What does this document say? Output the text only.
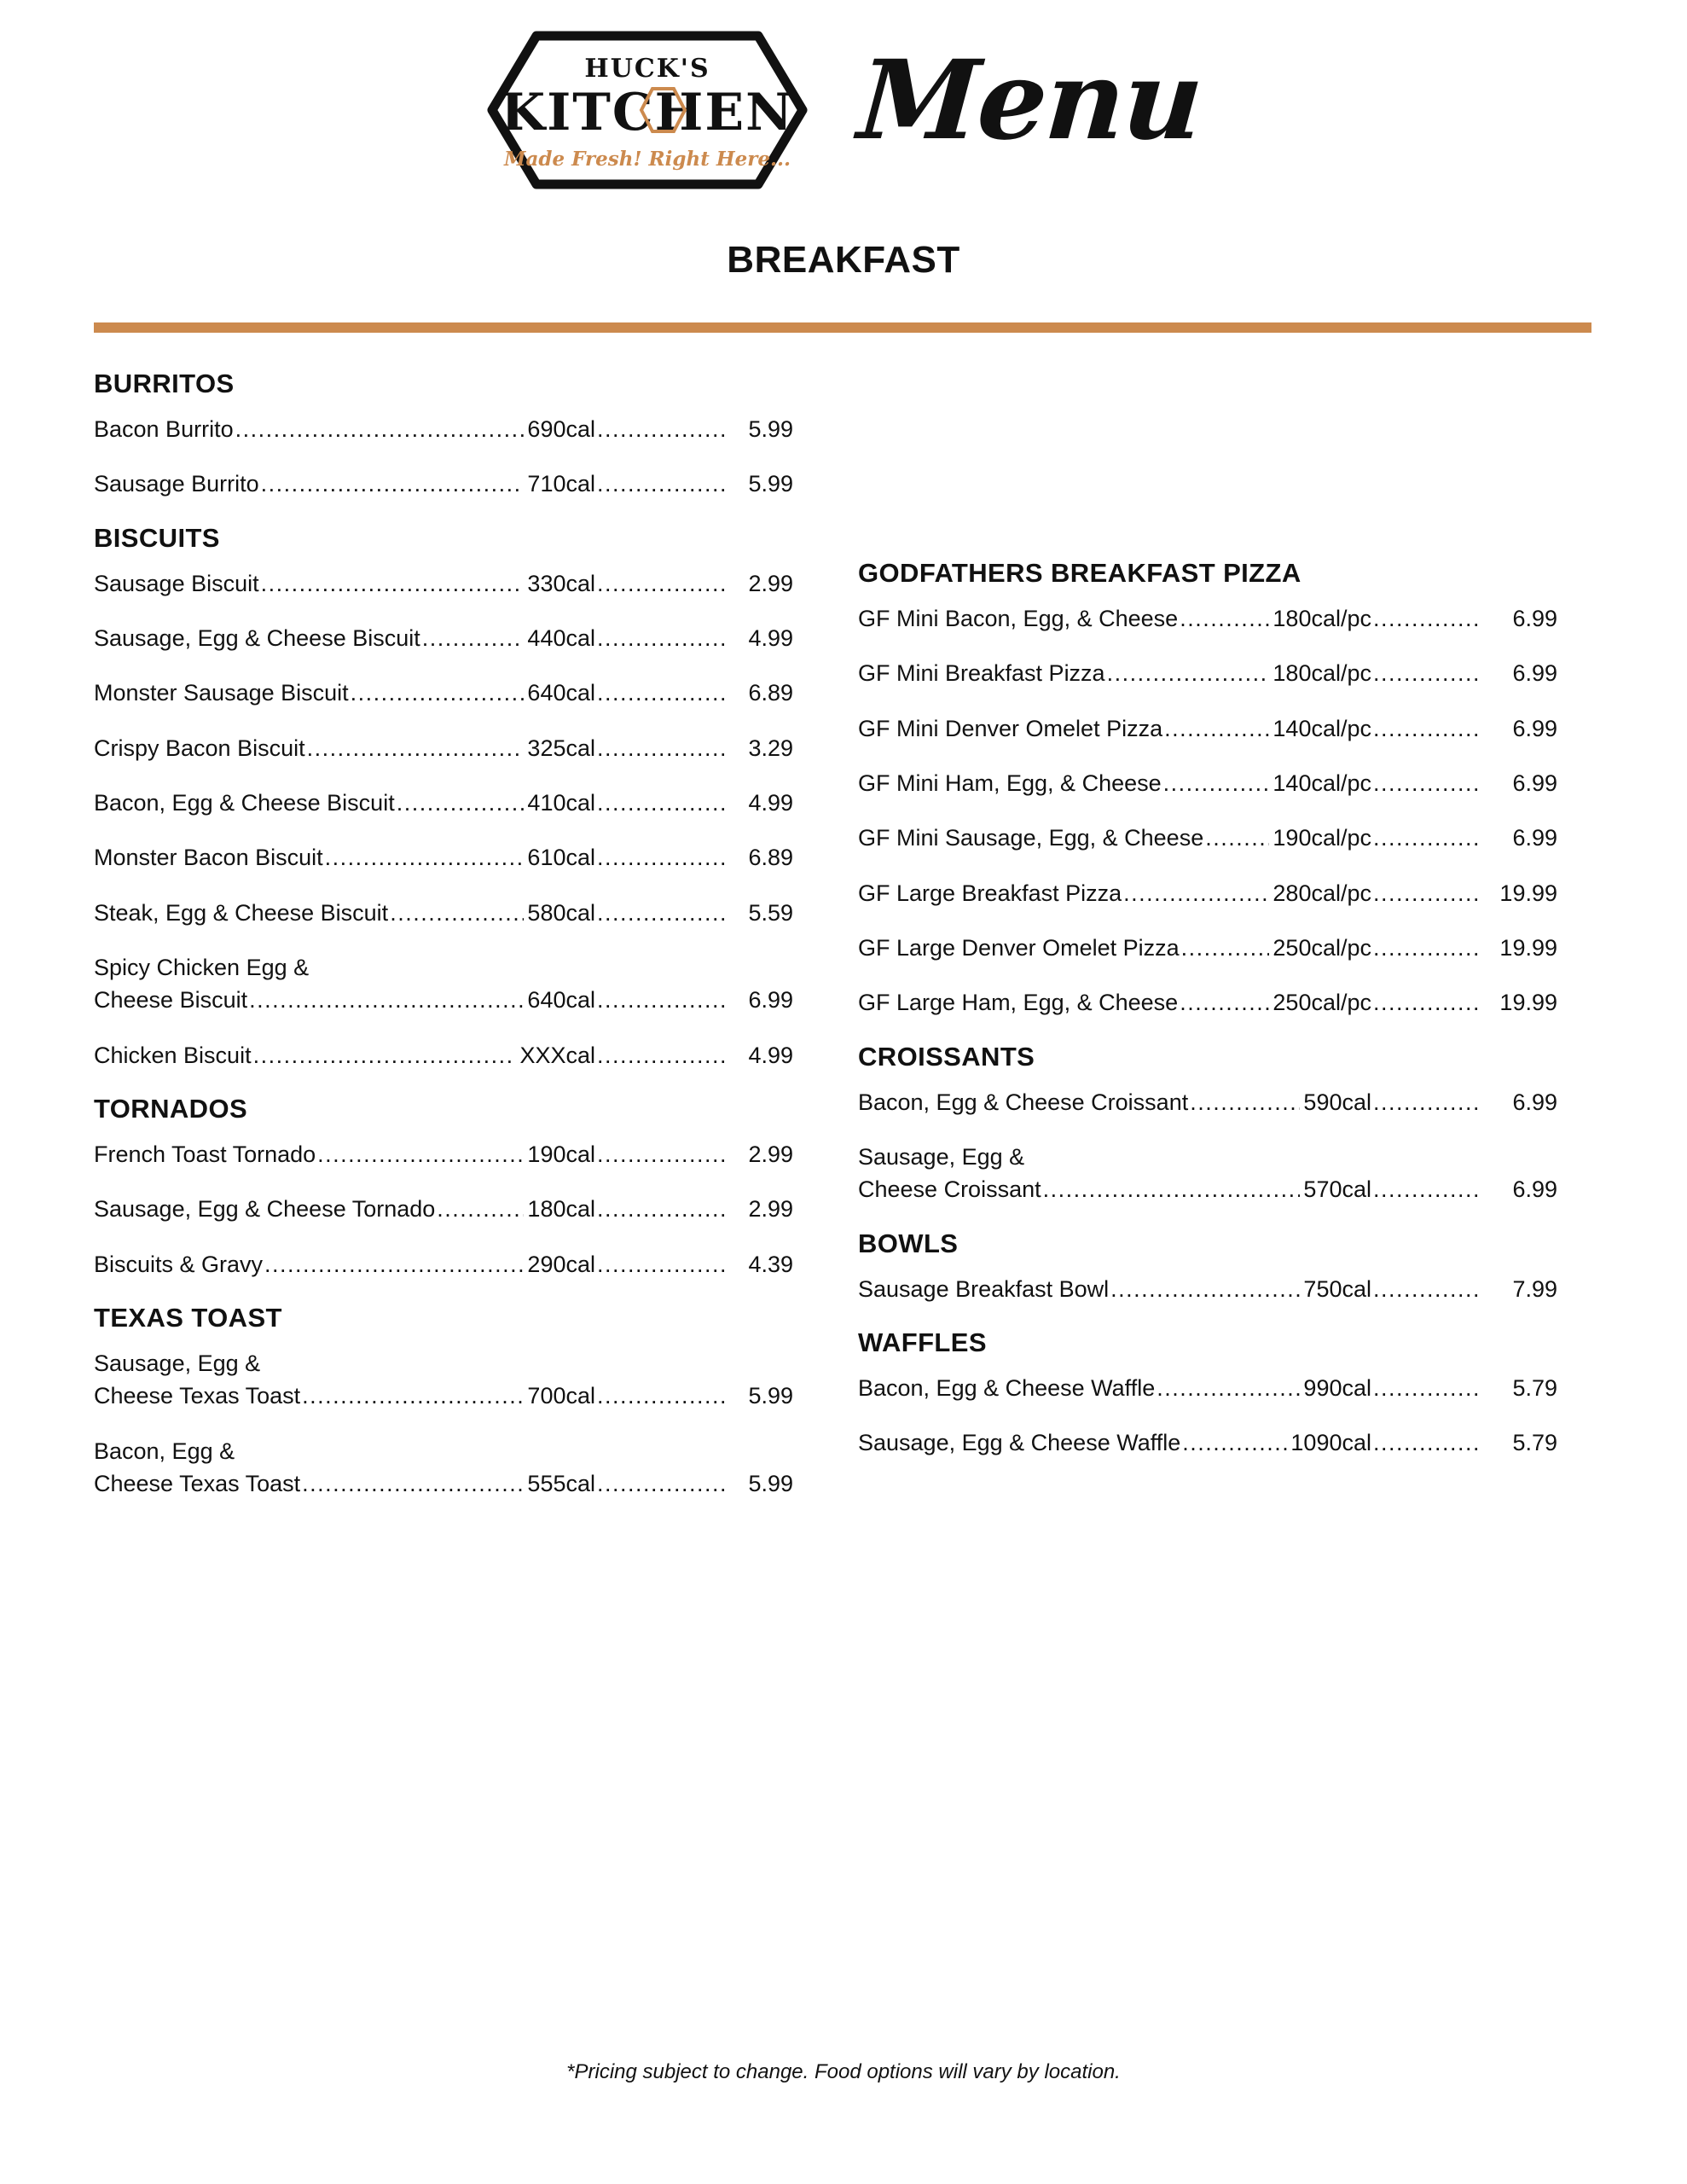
HUCK'S
KITCHEN
Made Fresh! Right Here... Menu
BREAKFAST
BURRITOS
Bacon Burrito .....	690cal .....	5.99
Sausage Burrito .....	710cal .....	5.99
BISCUITS
Sausage Biscuit .....	330cal .....	2.99
Sausage, Egg & Cheese Biscuit .....	440cal .....	4.99
Monster Sausage Biscuit .....	640cal .....	6.89
Crispy Bacon Biscuit .....	325cal .....	3.29
Bacon, Egg & Cheese Biscuit .....	410cal .....	4.99
Monster Bacon Biscuit .....	610cal .....	6.89
Steak, Egg & Cheese Biscuit .....	580cal .....	5.59
Spicy Chicken Egg &
Cheese Biscuit .....	640cal .....	6.99
Chicken Biscuit .....	XXXcal .....	4.99
TORNADOS
French Toast Tornado .....	190cal .....	2.99
Sausage, Egg & Cheese Tornado .....	180cal .....	2.99
Biscuits & Gravy .....	290cal .....	4.39
TEXAS TOAST
Sausage, Egg &
Cheese Texas Toast .....	700cal .....	5.99
Bacon, Egg &
Cheese Texas Toast .....	555cal .....	5.99
GODFATHERS BREAKFAST PIZZA
GF Mini Bacon, Egg, & Cheese .....	180cal/pc .....	6.99
GF Mini Breakfast Pizza .....	180cal/pc .....	6.99
GF Mini Denver Omelet Pizza .....	140cal/pc .....	6.99
GF Mini Ham, Egg, & Cheese .....	140cal/pc .....	6.99
GF Mini Sausage, Egg, & Cheese .....	190cal/pc .....	6.99
GF Large Breakfast Pizza .....	280cal/pc .....	19.99
GF Large Denver Omelet Pizza .....	250cal/pc .....	19.99
GF Large Ham, Egg, & Cheese .....	250cal/pc .....	19.99
CROISSANTS
Bacon, Egg & Cheese Croissant .....	590cal .....	6.99
Sausage, Egg &
Cheese Croissant .....	570cal .....	6.99
BOWLS
Sausage Breakfast Bowl .....	750cal .....	7.99
WAFFLES
Bacon, Egg & Cheese Waffle .....	990cal .....	5.79
Sausage, Egg & Cheese Waffle .....	1090cal .....	5.79
*Pricing subject to change. Food options will vary by location.
